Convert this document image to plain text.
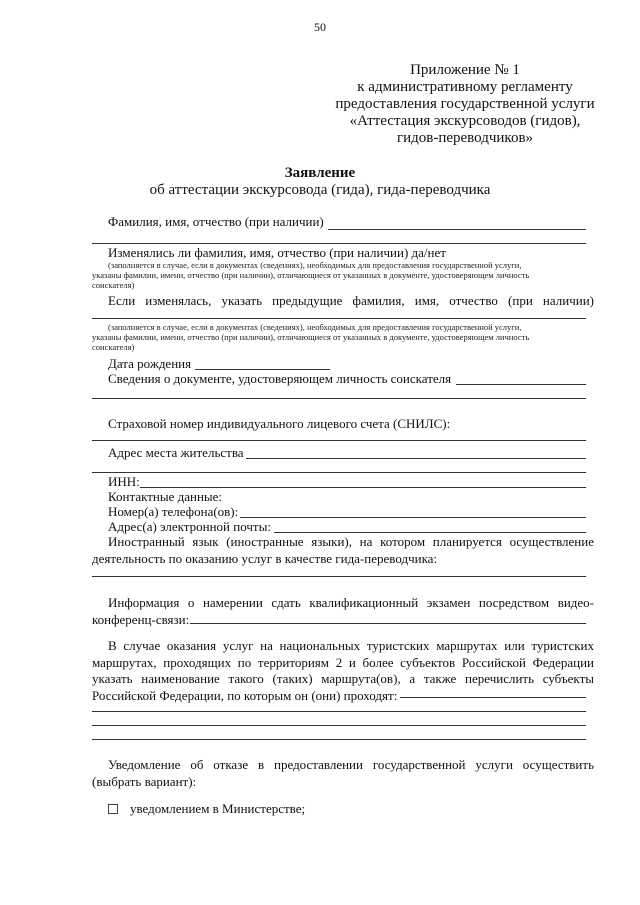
50
Приложение № 1
к административному регламенту
предоставления государственной услуги
«Аттестация экскурсоводов (гидов),
гидов-переводчиков»
Заявление
об аттестации экскурсовода (гида), гида-переводчика
Фамилия, имя, отчество (при наличии)
Изменялись ли фамилия, имя, отчество (при наличии) да/нет
(заполняется в случае, если в документах (сведениях), необходимых для предоставления государственной услуги,
указаны фамилии, имени, отчество (при наличии), отличающиеся от указанных в документе, удостоверяющем личность
соискателя)
Если изменялась, указать предыдущие фамилия, имя, отчество (при наличии)
(заполняется в случае, если в документах (сведениях), необходимых для предоставления государственной услуги,
указаны фамилии, имени, отчество (при наличии), отличающиеся от указанных в документе, удостоверяющем личность
соискателя)
Дата рождения
Сведения о документе, удостоверяющем личность соискателя
Страховой номер индивидуального лицевого счета (СНИЛС):
Адрес места жительства
ИНН:
Контактные данные:
Номер(а) телефона(ов):
Адрес(а) электронной почты:
Иностранный язык (иностранные языки), на котором планируется осуществление деятельность по оказанию услуг в качестве гида-переводчика:
Информация о намерении сдать квалификационный экзамен посредством видео-конференц-связи:
В случае оказания услуг на национальных туристских маршрутах или туристских маршрутах, проходящих по территориям 2 и более субъектов Российской Федерации указать наименование такого (таких) маршрута(ов), а также перечислить субъекты Российской Федерации, по которым он (они) проходят:
Уведомление об отказе в предоставлении государственной услуги осуществить (выбрать вариант):
уведомлением в Министерстве;
